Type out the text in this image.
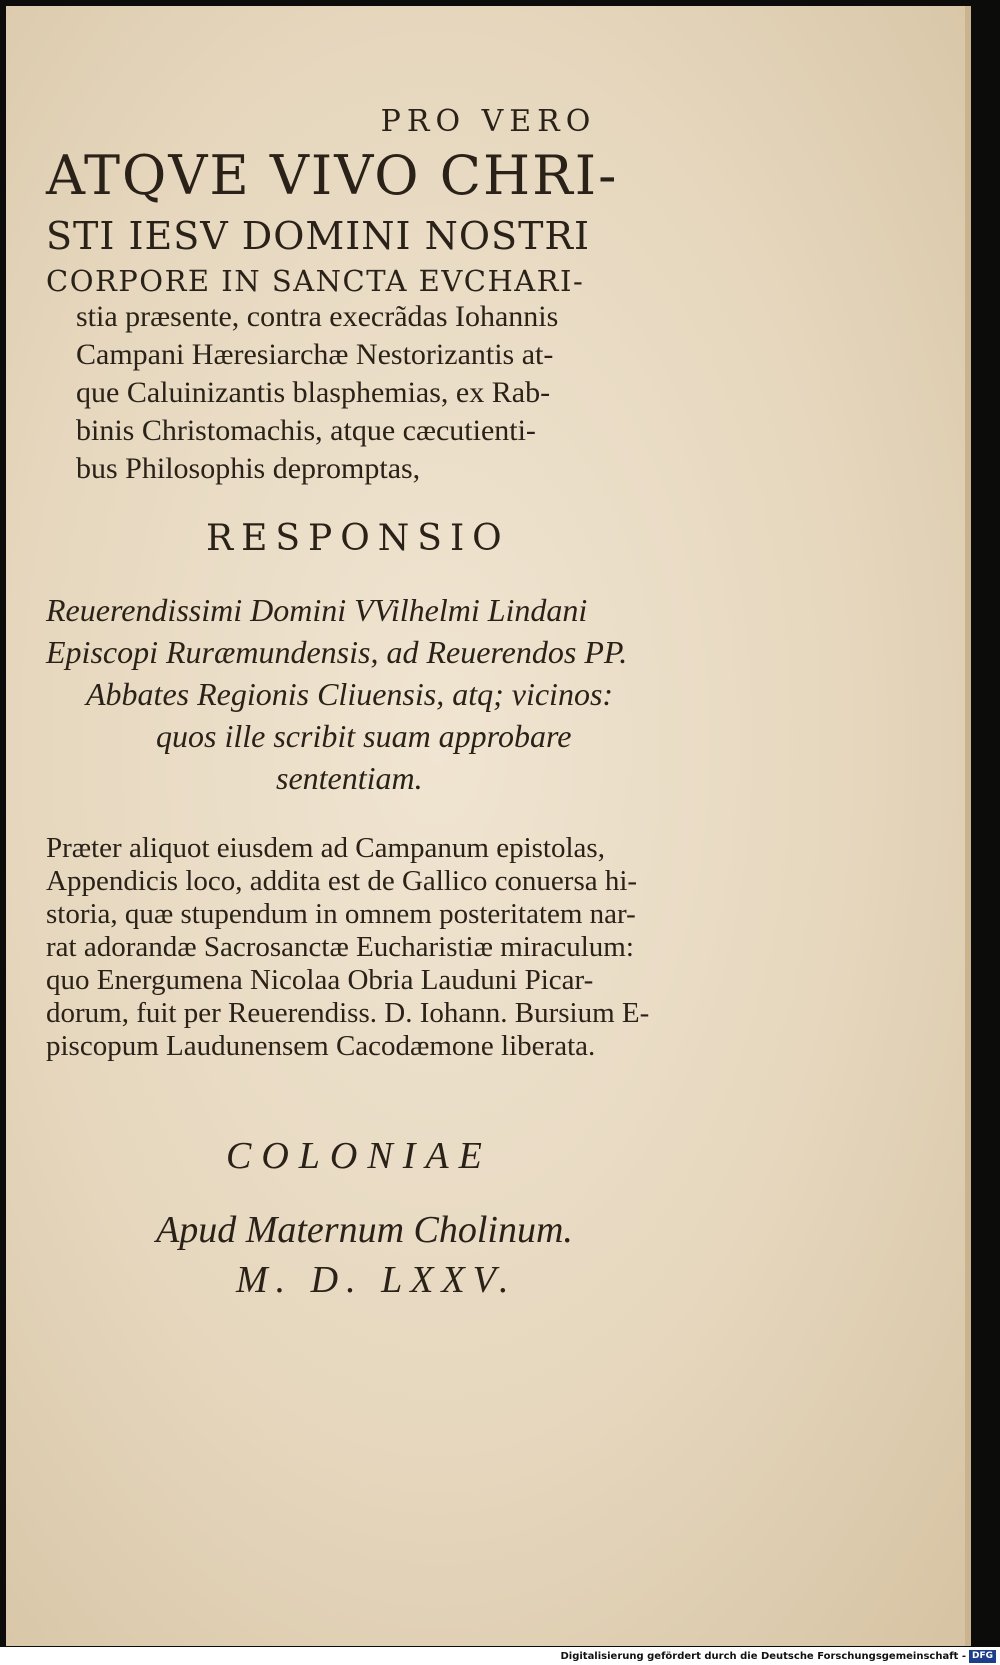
PRO VERO
ATQVE VIVO CHRI-
STI IESV DOMINI NOSTRI
CORPORE IN SANCTA EVCHARI-
stia præsente, contra execrãdas Iohannis
Campani Hæresiarchæ Nestorizantis at-
que Caluinizantis blasphemias, ex Rab-
binis Christomachis, atque cæcutienti-
bus Philosophis depromptas,
RESPONSIO
Reuerendissimi Domini VVilhelmi Lindani
Episcopi Ruræmundensis, ad Reuerendos PP.
Abbates Regionis Cliuensis, atq; vicinos:
quos ille scribit suam approbare
sententiam.
Præter aliquot eiusdem ad Campanum epistolas,
Appendicis loco, addita est de Gallico conuersa hi-
storia, quæ stupendum in omnem posteritatem nar-
rat adorandæ Sacrosanctæ Eucharistiæ miraculum:
quo Energumena Nicolaa Obria Lauduni Picar-
dorum, fuit per Reuerendiss. D. Iohann. Bursium E-
piscopum Laudunensem Cacodæmone liberata.
COLONIAE
Apud Maternum Cholinum.
M. D. LXXV.
Digitalisierung gefördert durch die Deutsche Forschungsgemeinschaft - DFG
